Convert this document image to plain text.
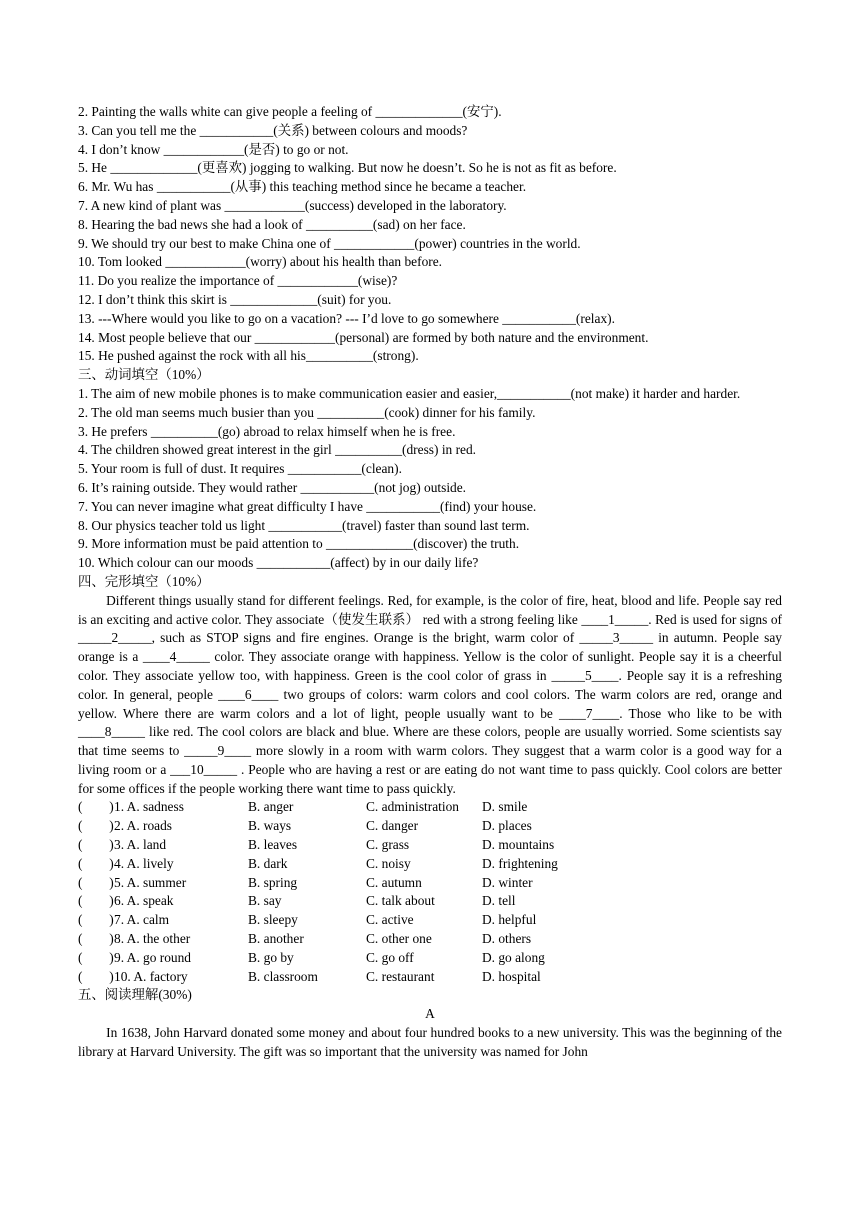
2. Painting the walls white can give people a feeling of _____________(安宁).
3. Can you tell me the ___________(关系) between colours and moods?
4. I don’t know ____________(是否) to go or not.
5. He _____________(更喜欢) jogging to walking. But now he doesn’t. So he is not as fit as before.
6. Mr. Wu has ___________(从事) this teaching method since he became a teacher.
7. A new kind of plant was ____________(success) developed in the laboratory.
8. Hearing the bad news she had a look of __________(sad) on her face.
9. We should try our best to make China one of ____________(power) countries in the world.
10. Tom looked ____________(worry) about his health than before.
11. Do you realize the importance of ____________(wise)?
12. I don’t think this skirt is _____________(suit) for you.
13. ---Where would you like to go on a vacation? --- I’d love to go somewhere ___________(relax).
14. Most people believe that our ____________(personal) are formed by both nature and the environment.
15. He pushed against the rock with all his__________(strong).
三、动词填空（10%）
1. The aim of new mobile phones is to make communication easier and easier,___________(not make) it harder and harder.
2. The old man seems much busier than you __________(cook) dinner for his family.
3. He prefers __________(go) abroad to relax himself when he is free.
4. The children showed great interest in the girl __________(dress) in red.
5. Your room is full of dust. It requires ___________(clean).
6. It’s raining outside. They would rather ___________(not jog) outside.
7. You can never imagine what great difficulty I have ___________(find) your house.
8. Our physics teacher told us light ___________(travel) faster than sound last term.
9. More information must be paid attention to _____________(discover) the truth.
10. Which colour can our moods ___________(affect) by in our daily life?
四、完形填空（10%）
Different things usually stand for different feelings. Red, for example, is the color of fire, heat, blood and life. People say red is an exciting and active color. They associate（使发生联系） red with a strong feeling like ____1_____. Red is used for signs of _____2_____, such as STOP signs and fire engines. Orange is the bright, warm color of _____3_____ in autumn. People say orange is a ____4_____ color. They associate orange with happiness. Yellow is the color of sunlight. People say it is a cheerful color. They associate yellow too, with happiness. Green is the cool color of grass in _____5____. People say it is a refreshing color. In general, people ____6____ two groups of colors: warm colors and cool colors. The warm colors are red, orange and yellow. Where there are warm colors and a lot of light, people usually want to be ____7____. Those who like to be with ____8_____ like red. The cool colors are black and blue. Where are these colors, people are usually worried. Some scientists say that time seems to _____9____ more slowly in a room with warm colors. They suggest that a warm color is a good way for a living room or a ___10_____ . People who are having a rest or are eating do not want time to pass quickly. Cool colors are better for some offices if the people working there want time to pass quickly.
(        ) 1. A. sadness	B. anger	C. administration	D. smile
(        ) 2. A. roads	B. ways	C. danger	D. places
(        ) 3. A. land	B. leaves	C. grass	D. mountains
(        ) 4. A. lively	B. dark	C. noisy	D. frightening
(        ) 5. A. summer	B. spring	C. autumn	D. winter
(        ) 6. A. speak	B. say	C. talk about	D. tell
(        ) 7. A. calm	B. sleepy	C. active	D. helpful
(        ) 8. A. the other	B. another	C. other one	D. others
(        ) 9. A. go round	B. go by	C. go off	D. go along
(        ) 10. A. factory	B. classroom	C. restaurant	D. hospital
五、阅读理解(30%)
A
In 1638, John Harvard donated some money and about four hundred books to a new university. This was the beginning of the library at Harvard University. The gift was so important that the university was named for John
